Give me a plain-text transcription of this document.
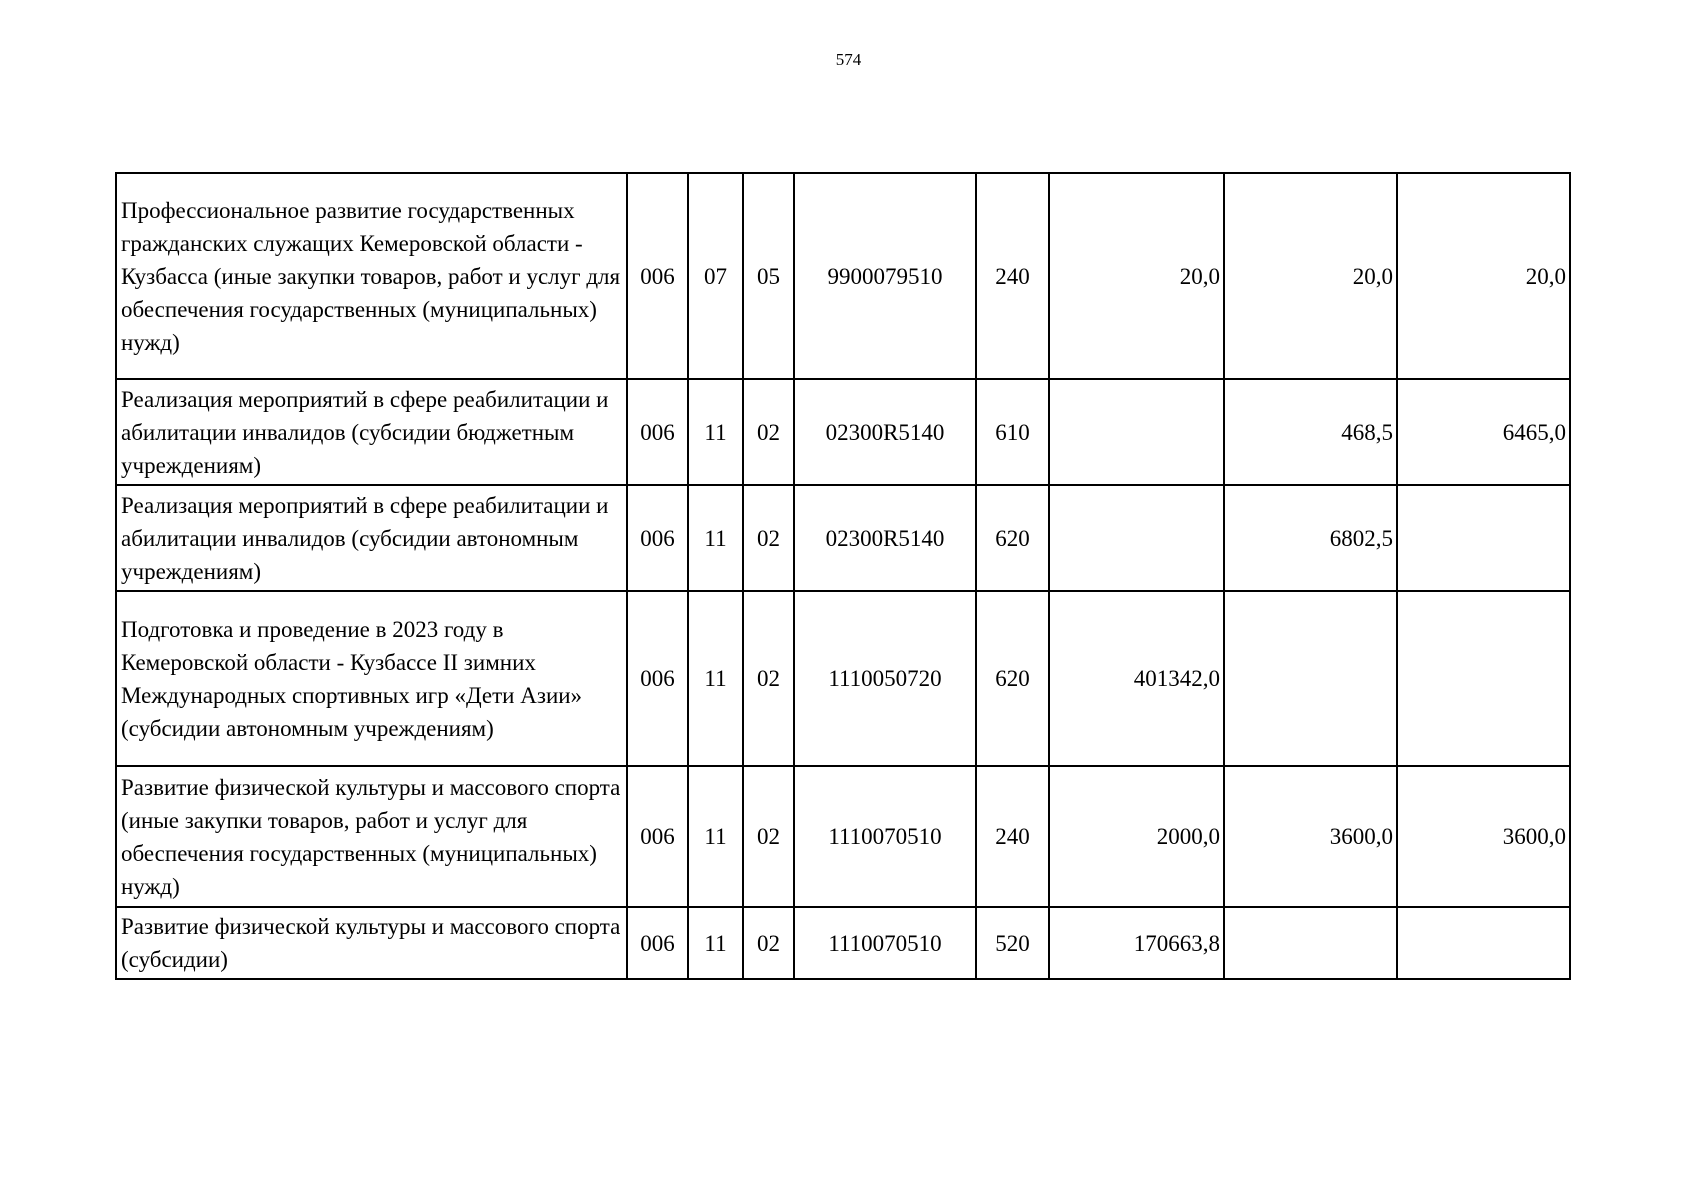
574
Профессиональное развитие государственных гражданских служащих Кемеровской области - Кузбасса (иные закупки товаров, работ и услуг для обеспечения государственных (муниципальных) нужд)	006	07	05	9900079510	240	20,0	20,0	20,0
Реализация мероприятий в сфере реабилитации и абилитации инвалидов (субсидии бюджетным учреждениям)	006	11	02	02300R5140	610		468,5	6465,0
Реализация мероприятий в сфере реабилитации и абилитации инвалидов (субсидии автономным учреждениям)	006	11	02	02300R5140	620		6802,5	
Подготовка и проведение в 2023 году в Кемеровской области - Кузбассе II зимних Международных спортивных игр «Дети Азии» (субсидии автономным учреждениям)	006	11	02	1110050720	620	401342,0		
Развитие физической культуры и массового спорта (иные закупки товаров, работ и услуг для обеспечения государственных (муниципальных) нужд)	006	11	02	1110070510	240	2000,0	3600,0	3600,0
Развитие физической культуры и массового спорта (субсидии)	006	11	02	1110070510	520	170663,8		
